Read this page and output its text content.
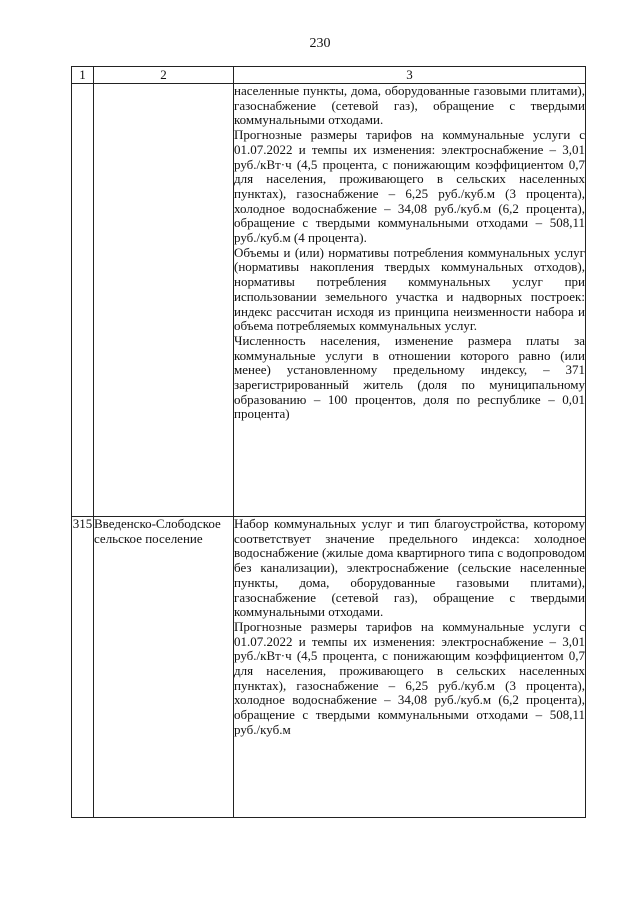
230
1	2	3

		населенные пункты, дома, оборудованные газовыми плитами), газоснабжение (сетевой газ), обращение с твердыми коммунальными отходами.

Прогнозные размеры тарифов на коммунальные услуги с 01.07.2022 и темпы их изменения: электроснабжение – 3,01 руб./кВт·ч (4,5 процента, с понижающим коэффициентом 0,7 для населения, проживающего в сельских населенных пунктах), газоснабжение – 6,25 руб./куб.м (3 процента), холодное водоснабжение – 34,08 руб./куб.м (6,2 процента), обращение с твердыми коммунальными отходами – 508,11 руб./куб.м (4 процента).

Объемы и (или) нормативы потребления коммунальных услуг (нормативы накопления твердых коммунальных отходов), нормативы потребления коммунальных услуг при использовании земельного участка и надворных построек: индекс рассчитан исходя из принципа неизменности набора и объема потребляемых коммунальных услуг.

Численность населения, изменение размера платы за коммунальные услуги в отношении которого равно (или менее) установленному предельному индексу, – 371 зарегистрированный житель (доля по муниципальному образованию – 100 процентов, доля по республике – 0,01 процента)

315	Введенско-Слободское сельское поселение	Набор коммунальных услуг и тип благоустройства, которому соответствует значение предельного индекса: холодное водоснабжение (жилые дома квартирного типа с водопроводом без канализации), электроснабжение (сельские населенные пункты, дома, оборудованные газовыми плитами), газоснабжение (сетевой газ), обращение с твердыми коммунальными отходами.

Прогнозные размеры тарифов на коммунальные услуги с 01.07.2022 и темпы их изменения: электроснабжение – 3,01 руб./кВт·ч (4,5 процента, с понижающим коэффициентом 0,7 для населения, проживающего в сельских населенных пунктах), газоснабжение – 6,25 руб./куб.м (3 процента), холодное водоснабжение – 34,08 руб./куб.м (6,2 процента), обращение с твердыми коммунальными отходами – 508,11 руб./куб.м
